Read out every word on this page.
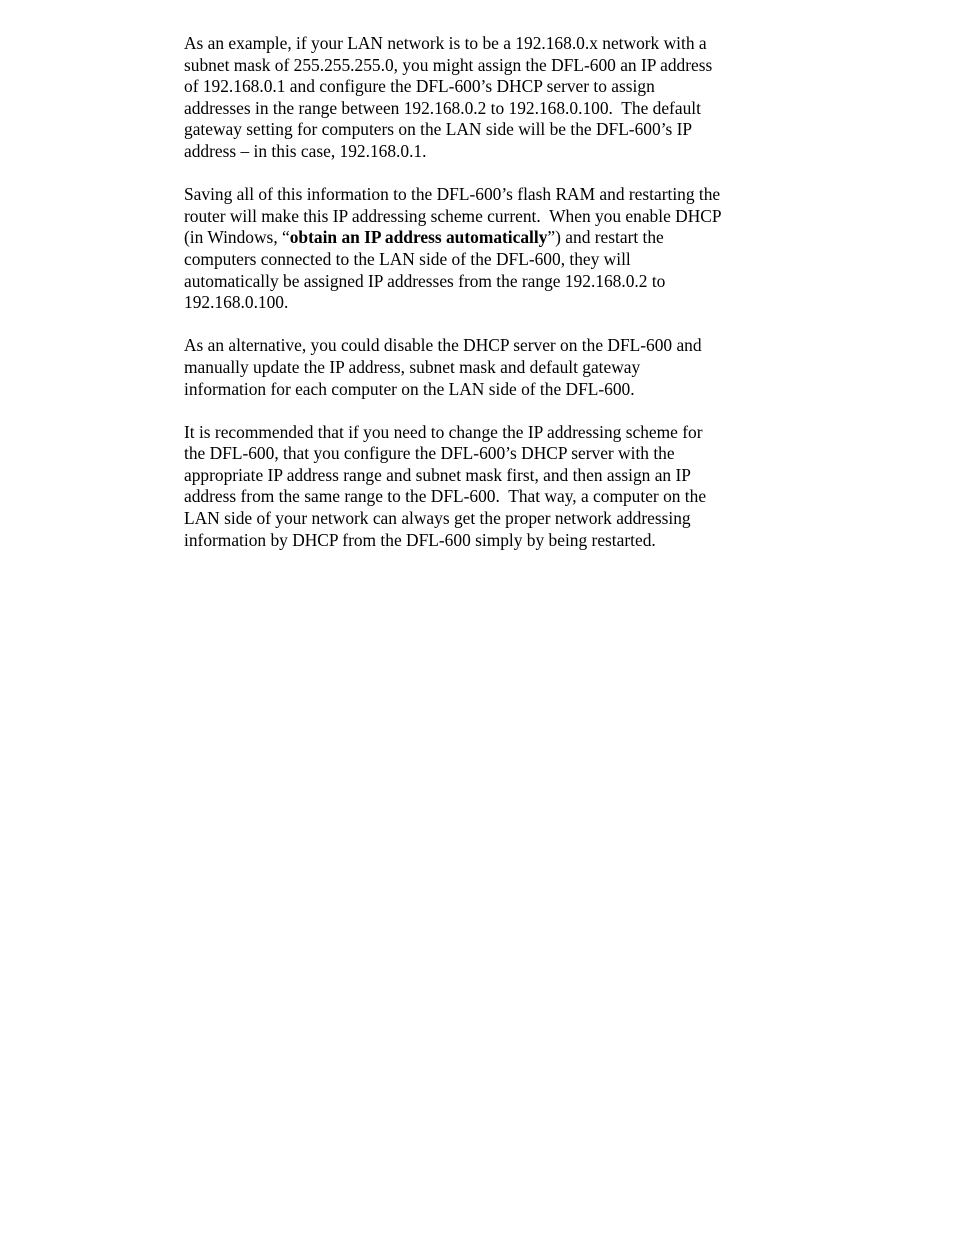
As an example, if your LAN network is to be a 192.168.0.x network with a
subnet mask of 255.255.255.0, you might assign the DFL-600 an IP address
of 192.168.0.1 and configure the DFL-600’s DHCP server to assign
addresses in the range between 192.168.0.2 to 192.168.0.100.  The default
gateway setting for computers on the LAN side will be the DFL-600’s IP
address – in this case, 192.168.0.1.

Saving all of this information to the DFL-600’s flash RAM and restarting the
router will make this IP addressing scheme current.  When you enable DHCP
(in Windows, “obtain an IP address automatically”) and restart the
computers connected to the LAN side of the DFL-600, they will
automatically be assigned IP addresses from the range 192.168.0.2 to
192.168.0.100.

As an alternative, you could disable the DHCP server on the DFL-600 and
manually update the IP address, subnet mask and default gateway
information for each computer on the LAN side of the DFL-600.

It is recommended that if you need to change the IP addressing scheme for
the DFL-600, that you configure the DFL-600’s DHCP server with the
appropriate IP address range and subnet mask first, and then assign an IP
address from the same range to the DFL-600.  That way, a computer on the
LAN side of your network can always get the proper network addressing
information by DHCP from the DFL-600 simply by being restarted.
